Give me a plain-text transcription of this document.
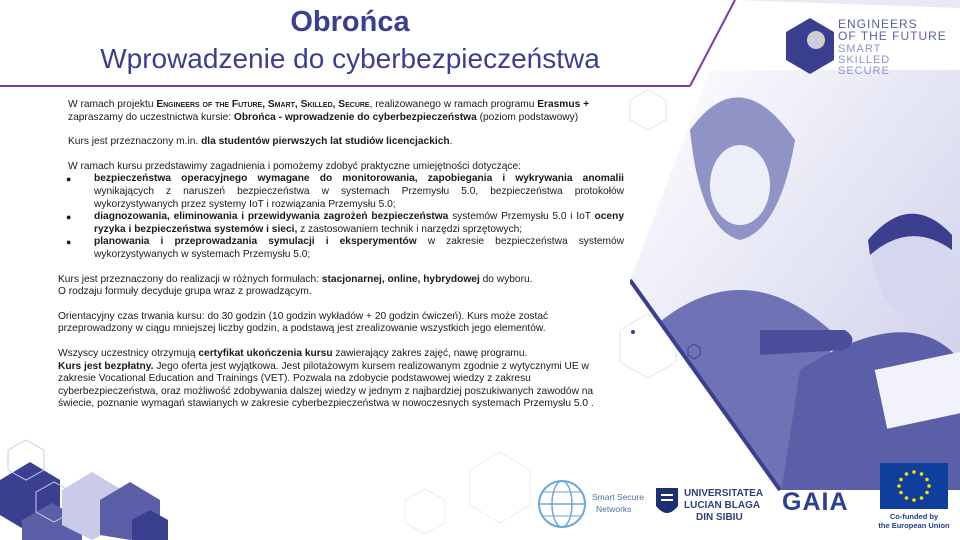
Obrońca
Wprowadzenie do cyberbezpieczeństwa
ENGINEERS
OF THE FUTURE
SMART
SKILLED
SECURE

W ramach projektu Engineers of the Future, Smart, Skilled, Secure, realizowanego w ramach programu Erasmus + zapraszamy do uczestnictwa kursie: Obrońca - wprowadzenie do cyberbezpieczeństwa (poziom podstawowy)

Kurs jest przeznaczony m.in. dla studentów pierwszych lat studiów licencjackich.

W ramach kursu przedstawimy zagadnienia i pomożemy zdobyć praktyczne umiejętności dotyczące:

● bezpieczeństwa operacyjnego wymagane do monitorowania, zapobiegania i wykrywania anomalii wynikających z naruszeń bezpieczeństwa w systemach Przemysłu 5.0, bezpieczeństwa protokołów wykorzystywanych przez systemy IoT i rozwiązania Przemysłu 5.0;
● diagnozowania, eliminowania i przewidywania zagrożeń bezpieczeństwa systemów Przemysłu 5.0 i IoT oceny ryzyka i bezpieczeństwa systemów i sieci, z zastosowaniem technik i narzędzi sprzętowych;
● planowania i przeprowadzania symulacji i eksperymentów w zakresie bezpieczeństwa systemów wykorzystywanych w systemach Przemysłu 5.0;

Kurs jest przeznaczony do realizacji w różnych formułach: stacjonarnej, online, hybrydowej do wyboru.

O rodzaju formuły decyduje grupa wraz z prowadzącym.

Orientacyjny czas trwania kursu: do 30 godzin (10 godzin wykładów + 20 godzin ćwiczeń). Kurs może zostać przeprowadzony w ciągu mniejszej liczby godzin, a podstawą jest zrealizowanie wszystkich jego elementów.

Wszyscy uczestnicy otrzymują certyfikat ukończenia kursu zawierający zakres zajęć, nawę programu.

Kurs jest bezpłatny. Jego oferta jest wyjątkowa. Jest pilotażowym kursem realizowanym zgodnie z wytycznymi UE w zakresie Vocational Education and Trainings (VET). Pozwala na zdobycie podstawowej wiedzy z zakresu cyberbezpieczeństwa, oraz możliwość zdobywania dalszej wiedzy w jednym z najbardziej poszukiwanych zawodów na świecie, poznanie wymagań stawianych w zakresie cyberbezpieczeństwa w nowoczesnych systemach Przemysłu 5.0 .

Smart Secure
Networks
UNIVERSITATEA
LUCIAN BLAGA
DIN SIBIU
GAIA
Co-funded by
the European Union
